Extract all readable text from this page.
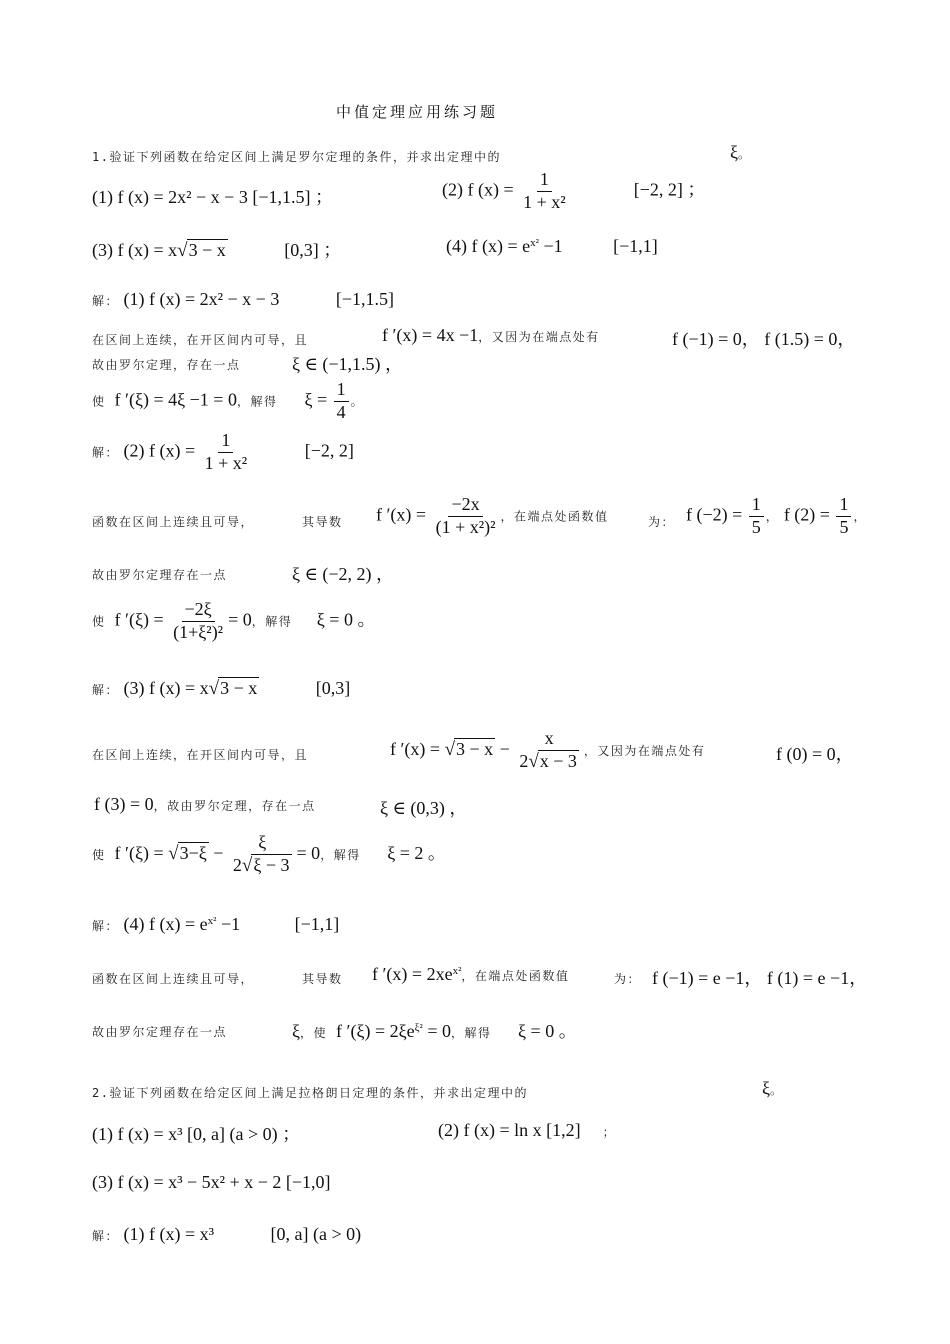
中值定理应用练习题
1.验证下列函数在给定区间上满足罗尔定理的条件，并求出定理中的	ξ。
(1) f (x) = 2x² − x − 3 [−1,1.5] ；	(2) f $(x) = \frac{1}{\text{1 + x²}}$	[−2, 2] ；
(3) f (x) = x√3 − x	[0,3] ；	(4) f $(x) = e^{x^2} -1$	[−1,1]
解： (1) f (x) = 2x² − x − 3	[−1,1.5]
在区间上连续，在开区间内可导，且	f ′(x) = 4x −1，又因为在端点处有	f (−1) = 0， f (1.5) = 0，
故由罗尔定理，存在一点	ξ ∈ (−1,1.5) ，
使 f ′(ξ) = 4ξ −1 = 0，解得 $\xi = \frac{1}{4}$ 。
解： (2) f $(x) = \frac{1}{\text{1 + x²}}$	[−2, 2]
函数在区间上连续且可导，	其导数 f $'(x) = \frac{-2x}{\text{(1 + x²)²}}$ ，在端点处函数值	为： f $(-2) = \frac{1}{5}$ ， f $(2) = \frac{1}{5}$ ，
故由罗尔定理存在一点	ξ ∈ (−2, 2) ，
使 f $'(\xi) = \frac{-2\xi}{\text{(1+ξ²)²}} = 0$，解得 ξ = 0 。
解： (3) f (x) = x√3 − x	[0,3]
在区间上连续，在开区间内可导，且	f $'(x) = √3 - x - \frac{x}{2√x - 3}$ ，又因为在端点处有	f (0) = 0，
f (3) = 0，故由罗尔定理，存在一点	ξ ∈ (0,3) ，
使 f $'(\xi) = √3-\xi - \frac{\xi}{2√\xi - 3} = 0$，解得 ξ = 2 。
解： (4) f $(x) = e^{x^2} -1$	[−1,1]
函数在区间上连续且可导，	其导数 f $'(x) = 2xe^{x^2}$，在端点处函数值	为： f (−1) = e −1， f (1) = e −1，
故由罗尔定理存在一点	ξ，使 f $'(\xi) = 2\xi e^{\xi^2} = 0$，解得 ξ = 0 。
2.验证下列函数在给定区间上满足拉格朗日定理的条件，并求出定理中的	ξ。
(1) f (x) = x³ [0, a] (a > 0) ；	(2) f (x) = ln x [1,2] ；
(3) f (x) = x³ − 5x² + x − 2 [−1,0]
解： (1) f (x) = x³	[0, a] (a > 0)
